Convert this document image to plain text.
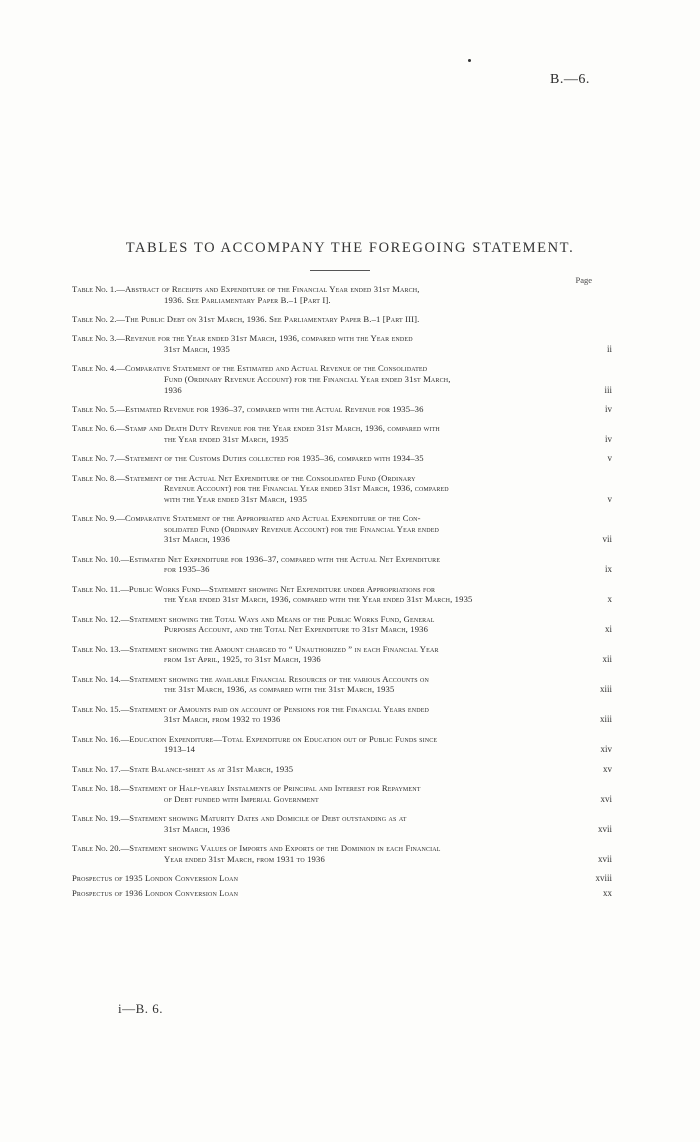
B.—6.
TABLES TO ACCOMPANY THE FOREGOING STATEMENT.
Page
Table No. 1.—Abstract of Receipts and Expenditure of the Financial Year ended 31st March,
1936. See Parliamentary Paper B.–1 [Part I].
Table No. 2.—The Public Debt on 31st March, 1936. See Parliamentary Paper B.–1 [Part III].
Table No. 3.—Revenue for the Year ended 31st March, 1936, compared with the Year ended
31st March, 1935	ii
Table No. 4.—Comparative Statement of the Estimated and Actual Revenue of the Consolidated
Fund (Ordinary Revenue Account) for the Financial Year ended 31st March,
1936	iii
Table No. 5.—Estimated Revenue for 1936–37, compared with the Actual Revenue for 1935–36	iv
Table No. 6.—Stamp and Death Duty Revenue for the Year ended 31st March, 1936, compared with
the Year ended 31st March, 1935	iv
Table No. 7.—Statement of the Customs Duties collected for 1935–36, compared with 1934–35	v
Table No. 8.—Statement of the Actual Net Expenditure of the Consolidated Fund (Ordinary
Revenue Account) for the Financial Year ended 31st March, 1936, compared
with the Year ended 31st March, 1935	v
Table No. 9.—Comparative Statement of the Appropriated and Actual Expenditure of the Con-
solidated Fund (Ordinary Revenue Account) for the Financial Year ended
31st March, 1936	vii
Table No. 10.—Estimated Net Expenditure for 1936–37, compared with the Actual Net Expenditure
for 1935–36	ix
Table No. 11.—Public Works Fund—Statement showing Net Expenditure under Appropriations for
the Year ended 31st March, 1936, compared with the Year ended 31st March, 1935	x
Table No. 12.—Statement showing the Total Ways and Means of the Public Works Fund, General
Purposes Account, and the Total Net Expenditure to 31st March, 1936	xi
Table No. 13.—Statement showing the Amount charged to “ Unauthorized ” in each Financial Year
from 1st April, 1925, to 31st March, 1936	xii
Table No. 14.—Statement showing the available Financial Resources of the various Accounts on
the 31st March, 1936, as compared with the 31st March, 1935	xiii
Table No. 15.—Statement of Amounts paid on account of Pensions for the Financial Years ended
31st March, from 1932 to 1936	xiii
Table No. 16.—Education Expenditure—Total Expenditure on Education out of Public Funds since
1913–14	xiv
Table No. 17.—State Balance-sheet as at 31st March, 1935	xv
Table No. 18.—Statement of Half-yearly Instalments of Principal and Interest for Repayment
of Debt funded with Imperial Government	xvi
Table No. 19.—Statement showing Maturity Dates and Domicile of Debt outstanding as at
31st March, 1936	xvii
Table No. 20.—Statement showing Values of Imports and Exports of the Dominion in each Financial
Year ended 31st March, from 1931 to 1936	xvii
Prospectus of 1935 London Conversion Loan	xviii
Prospectus of 1936 London Conversion Loan	xx
i—B. 6.
